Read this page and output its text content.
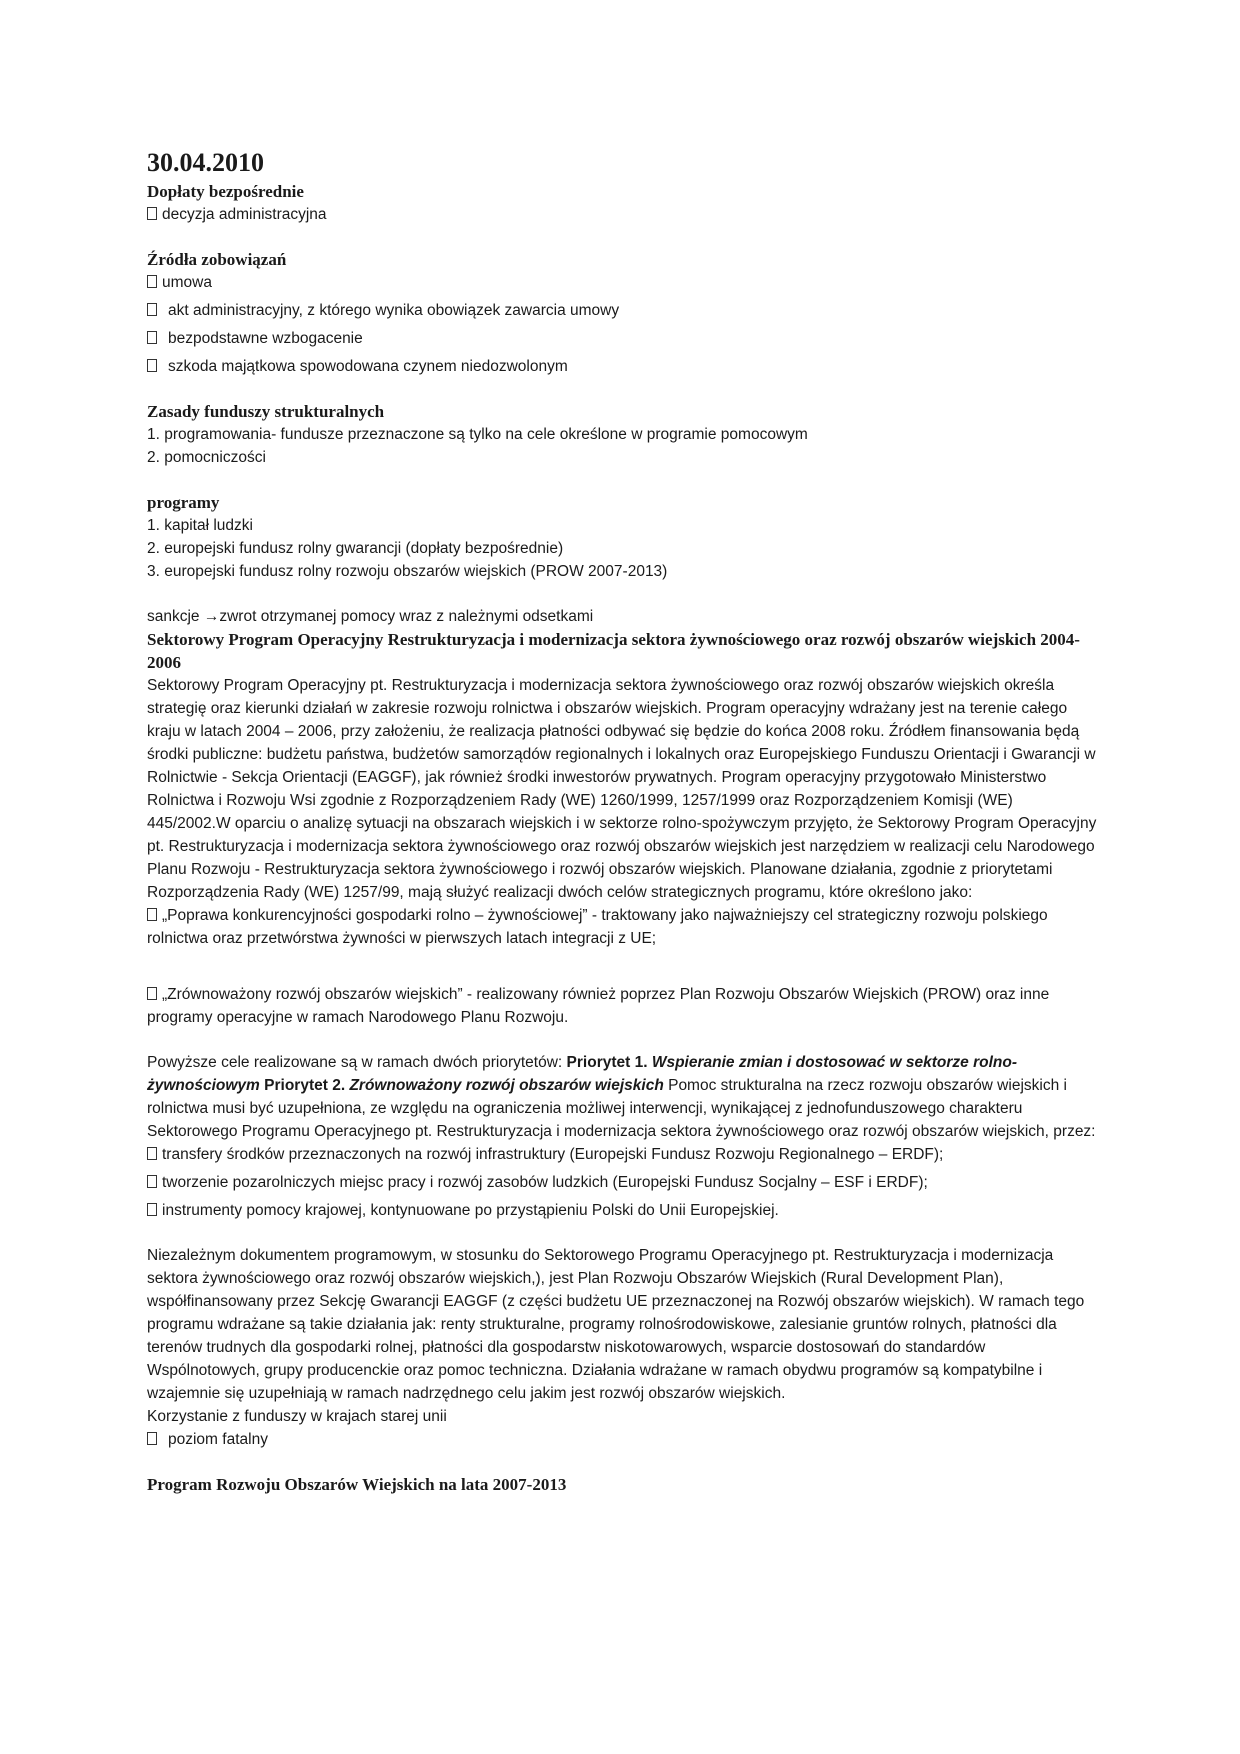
30.04.2010
Dopłaty bezpośrednie

decyzja administracyjna

Źródła zobowiązań

umowa

akt administracyjny, z którego wynika obowiązek zawarcia umowy

bezpodstawne wzbogacenie

szkoda majątkowa spowodowana czynem niedozwolonym

Zasady funduszy strukturalnych

1. programowania- fundusze przeznaczone są tylko na cele określone w programie pomocowym

2. pomocniczości

programy

1. kapitał ludzki

2. europejski fundusz rolny gwarancji (dopłaty bezpośrednie)

3. europejski fundusz rolny rozwoju obszarów wiejskich (PROW 2007-2013)

sankcje →zwrot otrzymanej pomocy wraz z należnymi odsetkami

Sektorowy Program Operacyjny Restrukturyzacja i modernizacja sektora żywnościowego oraz rozwój obszarów wiejskich 2004-2006

Sektorowy Program Operacyjny pt. Restrukturyzacja i modernizacja sektora żywnościowego oraz rozwój obszarów wiejskich określa strategię oraz kierunki działań w zakresie rozwoju rolnictwa i obszarów wiejskich. Program operacyjny wdrażany jest na terenie całego kraju w latach 2004 – 2006, przy założeniu, że realizacja płatności odbywać się będzie do końca 2008 roku. Źródłem finansowania będą środki publiczne: budżetu państwa, budżetów samorządów regionalnych i lokalnych oraz Europejskiego Funduszu Orientacji i Gwarancji w Rolnictwie - Sekcja Orientacji (EAGGF), jak również środki inwestorów prywatnych. Program operacyjny przygotowało Ministerstwo Rolnictwa i Rozwoju Wsi zgodnie z Rozporządzeniem Rady (WE) 1260/1999, 1257/1999 oraz Rozporządzeniem Komisji (WE) 445/2002.W oparciu o analizę sytuacji na obszarach wiejskich i w sektorze rolno-spożywczym przyjęto, że Sektorowy Program Operacyjny pt. Restrukturyzacja i modernizacja sektora żywnościowego oraz rozwój obszarów wiejskich jest narzędziem w realizacji celu Narodowego Planu Rozwoju - Restrukturyzacja sektora żywnościowego i rozwój obszarów wiejskich. Planowane działania, zgodnie z priorytetami Rozporządzenia Rady (WE) 1257/99, mają służyć realizacji dwóch celów strategicznych programu, które określono jako:

„Poprawa konkurencyjności gospodarki rolno – żywnościowej” - traktowany jako najważniejszy cel strategiczny rozwoju polskiego rolnictwa oraz przetwórstwa żywności w pierwszych latach integracji z UE;

„Zrównoważony rozwój obszarów wiejskich” - realizowany również poprzez Plan Rozwoju Obszarów Wiejskich (PROW) oraz inne programy operacyjne w ramach Narodowego Planu Rozwoju.

Powyższe cele realizowane są w ramach dwóch priorytetów: Priorytet 1. Wspieranie zmian i dostosować w sektorze rolno-żywnościowym Priorytet 2. Zrównoważony rozwój obszarów wiejskich Pomoc strukturalna na rzecz rozwoju obszarów wiejskich i rolnictwa musi być uzupełniona, ze względu na ograniczenia możliwej interwencji, wynikającej z jednofunduszowego charakteru Sektorowego Programu Operacyjnego pt. Restrukturyzacja i modernizacja sektora żywnościowego oraz rozwój obszarów wiejskich, przez:

transfery środków przeznaczonych na rozwój infrastruktury (Europejski Fundusz Rozwoju Regionalnego – ERDF);

tworzenie pozarolniczych miejsc pracy i rozwój zasobów ludzkich (Europejski Fundusz Socjalny – ESF i ERDF);

instrumenty pomocy krajowej, kontynuowane po przystąpieniu Polski do Unii Europejskiej.

Niezależnym dokumentem programowym, w stosunku do Sektorowego Programu Operacyjnego pt. Restrukturyzacja i modernizacja sektora żywnościowego oraz rozwój obszarów wiejskich,), jest Plan Rozwoju Obszarów Wiejskich (Rural Development Plan), współfinansowany przez Sekcję Gwarancji EAGGF (z części budżetu UE przeznaczonej na Rozwój obszarów wiejskich). W ramach tego programu wdrażane są takie działania jak: renty strukturalne, programy rolnośrodowiskowe, zalesianie gruntów rolnych, płatności dla terenów trudnych dla gospodarki rolnej, płatności dla gospodarstw niskotowarowych, wsparcie dostosowań do standardów Wspólnotowych, grupy producenckie oraz pomoc techniczna. Działania wdrażane w ramach obydwu programów są kompatybilne i wzajemnie się uzupełniają w ramach nadrzędnego celu jakim jest rozwój obszarów wiejskich.

Korzystanie z funduszy w krajach starej unii

poziom fatalny

Program Rozwoju Obszarów Wiejskich na lata 2007-2013
